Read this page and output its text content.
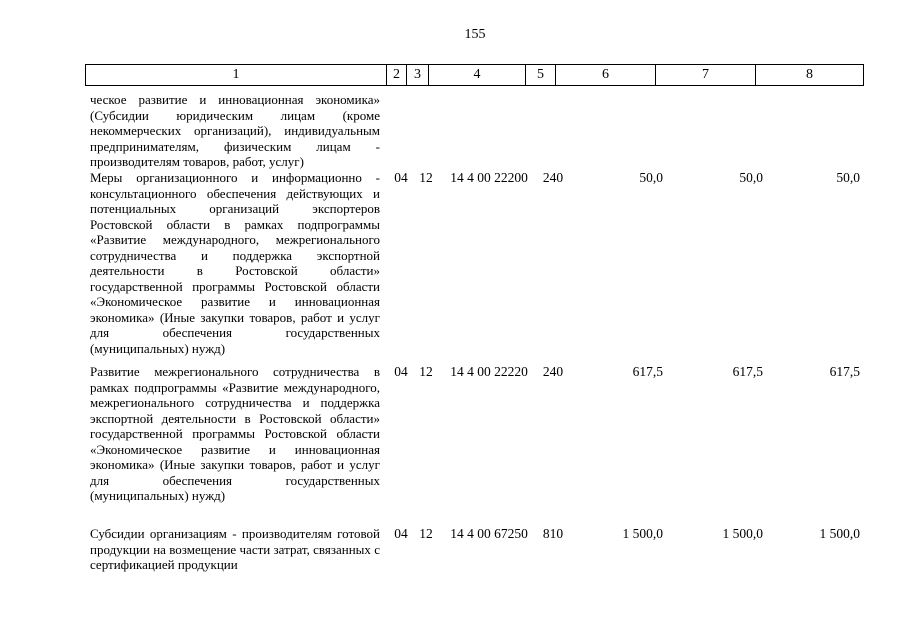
155
1	2	3	4	5	6	7	8
ческое развитие и инновационная экономика» (Субсидии юридическим лицам (кроме некоммерческих организаций), индивидуальным предпринимателям, физическим лицам - производителям товаров, работ, услуг)
Меры организационного и информационно - консультационного обеспечения действующих и потенциальных организаций экспортеров Ростовской области в рамках подпрограммы «Развитие международного, межрегионального сотрудничества и поддержка экспортной деятельности в Ростовской области» государственной программы Ростовской области «Экономическое развитие и инновационная экономика» (Иные закупки товаров, работ и услуг для обеспечения государственных (муниципальных) нужд)
04 12	14 4 00 22200	240	50,0	50,0	50,0
Развитие межрегионального сотрудничества в рамках подпрограммы «Развитие международного, межрегионального сотрудничества и поддержка экспортной деятельности в Ростовской области» государственной программы Ростовской области «Экономическое развитие и инновационная экономика» (Иные закупки товаров, работ и услуг для обеспечения государственных (муниципальных) нужд)
04 12	14 4 00 22220	240	617,5	617,5	617,5
Субсидии организациям - производителям готовой продукции на возмещение части затрат, связанных с сертификацией продукции
04 12	14 4 00 67250	810	1 500,0	1 500,0	1 500,0
